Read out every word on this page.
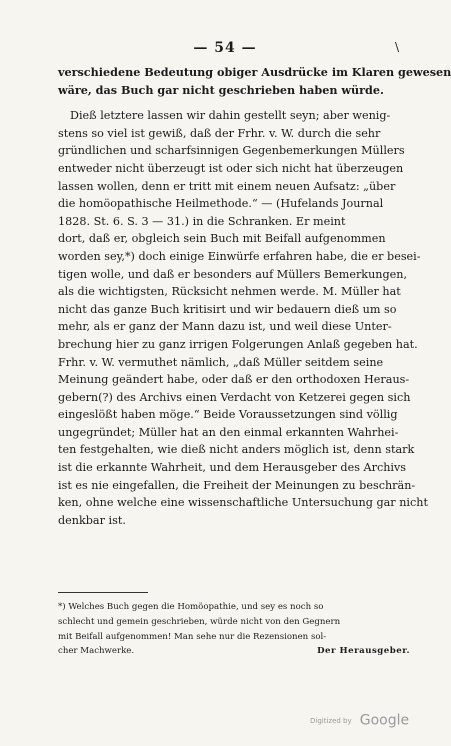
— 54 —	\
verschiedene Bedeutung obiger Ausdrücke im Klaren gewesen
wäre, das Buch gar nicht geschrieben haben würde.
Dieß letztere lassen wir dahin gestellt seyn; aber wenig-
stens so viel ist gewiß, daß der Frhr. v. W. durch die sehr
gründlichen und scharfsinnigen Gegenbemerkungen Müllers
entweder nicht überzeugt ist oder sich nicht hat überzeugen
lassen wollen, denn er tritt mit einem neuen Aufsatz: „über
die homöopathische Heilmethode.“ — (Hufelands Journal
1828. St. 6. S. 3 — 31.) in die Schranken. Er meint
dort, daß er, obgleich sein Buch mit Beifall aufgenommen
worden sey,*) doch einige Einwürfe erfahren habe, die er besei-
tigen wolle, und daß er besonders auf Müllers Bemerkungen,
als die wichtigsten, Rücksicht nehmen werde. M. Müller hat
nicht das ganze Buch kritisirt und wir bedauern dieß um so
mehr, als er ganz der Mann dazu ist, und weil diese Unter-
brechung hier zu ganz irrigen Folgerungen Anlaß gegeben hat.
Frhr. v. W. vermuthet nämlich, „daß Müller seitdem seine
Meinung geändert habe, oder daß er den orthodoxen Heraus-
gebern(?) des Archivs einen Verdacht von Ketzerei gegen sich
eingeslößt haben möge.“ Beide Voraussetzungen sind völlig
ungegründet; Müller hat an den einmal erkannten Wahrhei-
ten festgehalten, wie dieß nicht anders möglich ist, denn stark
ist die erkannte Wahrheit, und dem Herausgeber des Archivs
ist es nie eingefallen, die Freiheit der Meinungen zu beschrän-
ken, ohne welche eine wissenschaftliche Untersuchung gar nicht
denkbar ist.
*) Welches Buch gegen die Homöopathie, und sey es noch so
schlecht und gemein geschrieben, würde nicht von den Gegnern
mit Beifall aufgenommen! Man sehe nur die Rezensionen sol-
cher Machwerke.	Der Herausgeber.
Digitized by Google
